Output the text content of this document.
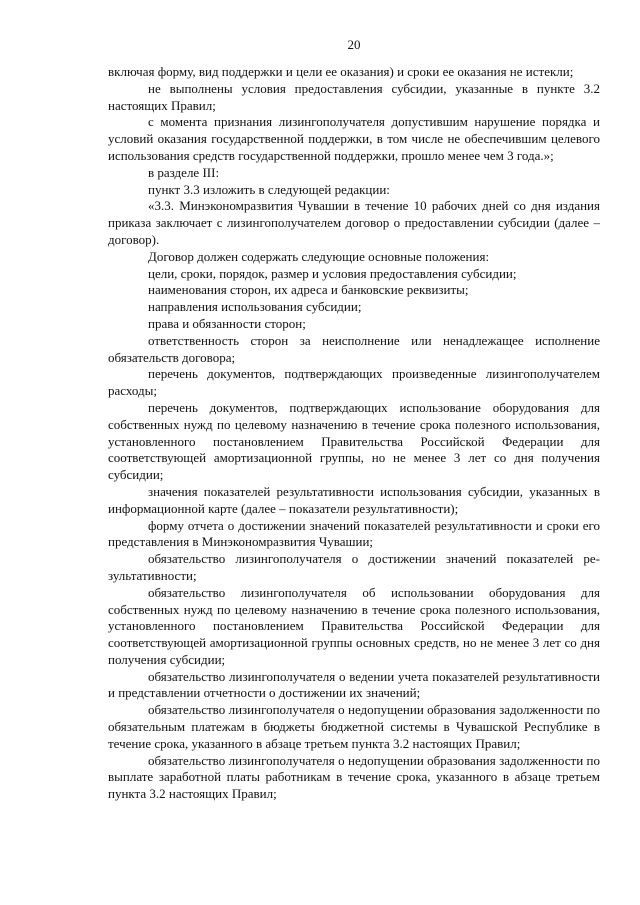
20

включая форму, вид поддержки и цели ее оказания) и сроки ее оказания не истекли;

не выполнены условия предоставления субсидии, указанные в пункте 3.2 настоящих Правил;

с момента признания лизингополучателя допустившим нарушение порядка и условий оказания государственной поддержки, в том числе не обеспечившим целевого использования средств государственной поддержки, прошло менее чем 3 года.»;

в разделе III:

пункт 3.3 изложить в следующей редакции:

«3.3. Минэкономразвития Чувашии в течение 10 рабочих дней со дня издания приказа заключает с лизингополучателем договор о предоставлении субсидии (далее – договор).

Договор должен содержать следующие основные положения:

цели, сроки, порядок, размер и условия предоставления субсидии;

наименования сторон, их адреса и банковские реквизиты;

направления использования субсидии;

права и обязанности сторон;

ответственность сторон за неисполнение или ненадлежащее исполнение обязательств договора;

перечень документов, подтверждающих произведенные лизингополучателем расходы;

перечень документов, подтверждающих использование оборудования для собственных нужд по целевому назначению в течение срока полезного использования, установленного постановлением Правительства Российской Федерации для соответствующей амортизационной группы, но не менее 3 лет со дня получения субсидии;

значения показателей результативности использования субсидии, указанных в информационной карте (далее – показатели результативности);

форму отчета о достижении значений показателей результативности и сроки его представления в Минэкономразвития Чувашии;

обязательство лизингополучателя о достижении значений показателей результативности;

обязательство лизингополучателя об использовании оборудования для собственных нужд по целевому назначению в течение срока полезного использования, установленного постановлением Правительства Российской Федерации для соответствующей амортизационной группы основных средств, но не менее 3 лет со дня получения субсидии;

обязательство лизингополучателя о ведении учета показателей результативности и представлении отчетности о достижении их значений;

обязательство лизингополучателя о недопущении образования задолженности по обязательным платежам в бюджеты бюджетной системы в Чувашской Республике в течение срока, указанного в абзаце третьем пункта 3.2 настоящих Правил;

обязательство лизингополучателя о недопущении образования задолженности по выплате заработной платы работникам в течение срока, указанного в абзаце третьем пункта 3.2 настоящих Правил;
